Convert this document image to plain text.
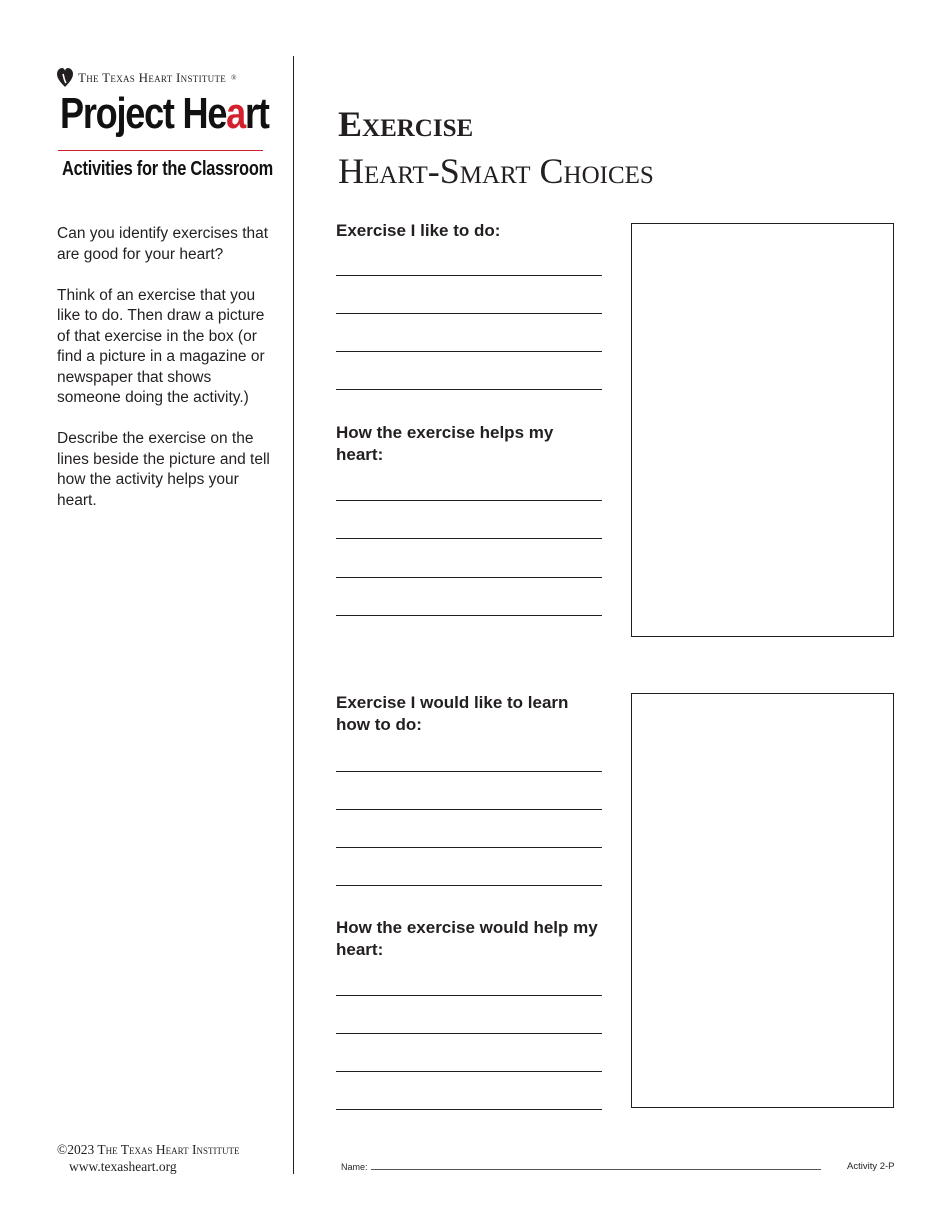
The Texas Heart Institute ®
Project Heart
Activities for the Classroom

Can you identify exercises that are good for your heart?

Think of an exercise that you like to do. Then draw a picture of that exercise in the box (or find a picture in a magazine or newspaper that shows someone doing the activity.)

Describe the exercise on the lines beside the picture and tell how the activity helps your heart.

©2023 The Texas Heart Institute
www.texasheart.org
Exercise
Heart-Smart Choices
Exercise I like to do:
How the exercise helps my heart:
Exercise I would like to learn how to do:
How the exercise would help my heart:
Name:	Activity 2-P
